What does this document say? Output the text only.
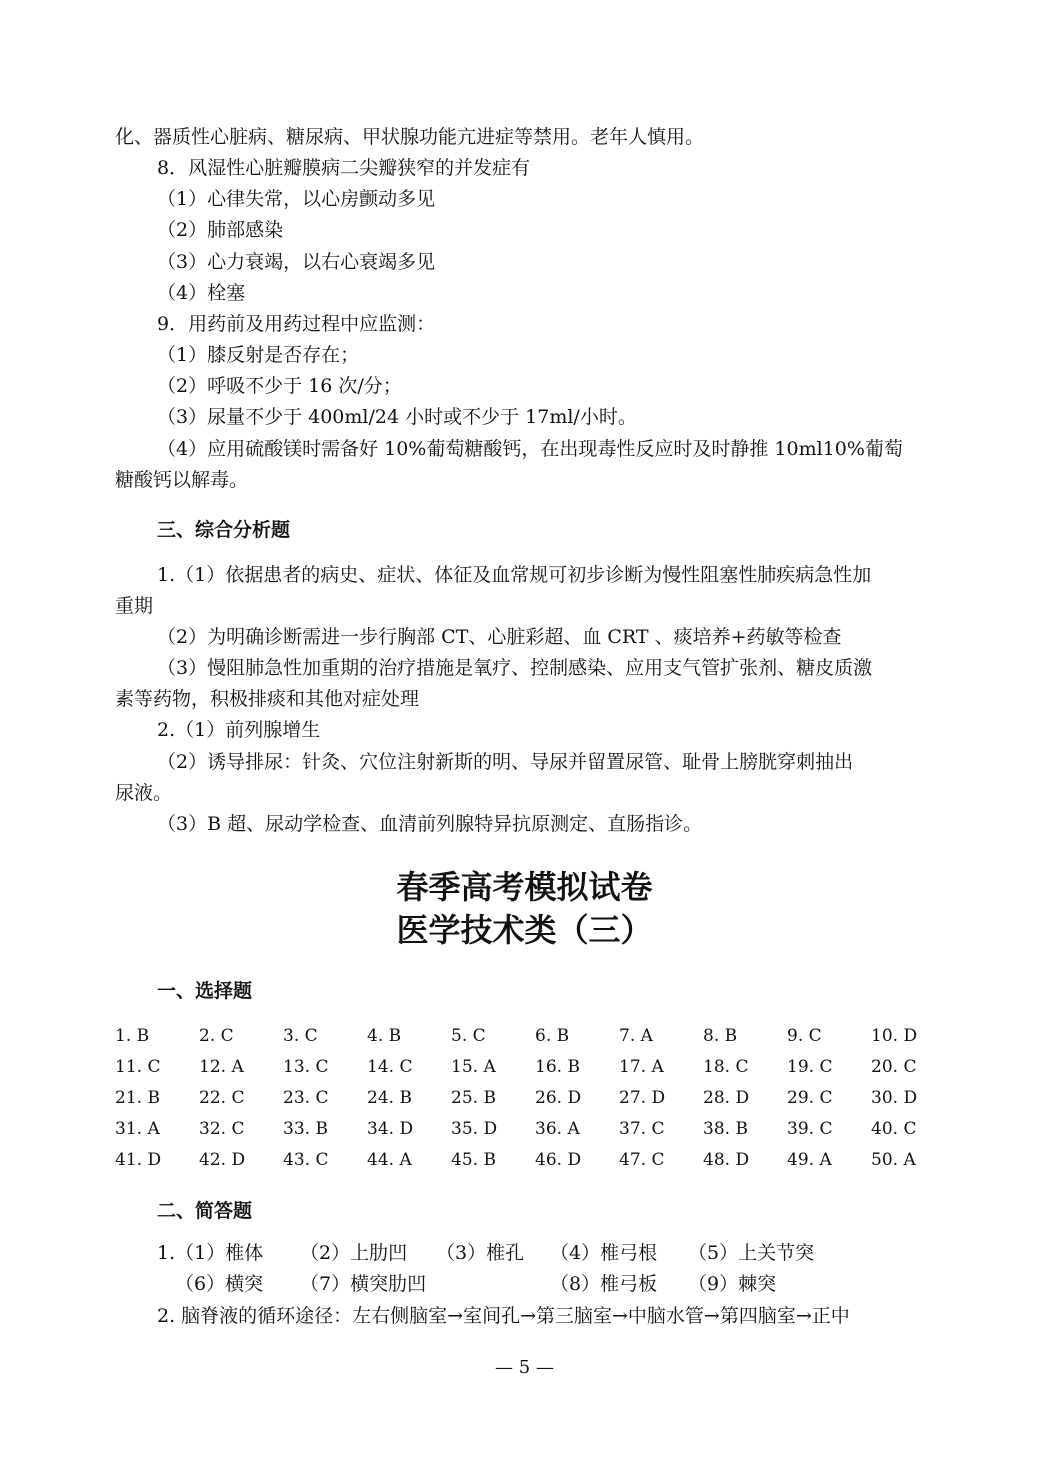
化、器质性心脏病、糖尿病、甲状腺功能亢进症等禁用。老年人慎用。
8．风湿性心脏瓣膜病二尖瓣狭窄的并发症有
（1）心律失常，以心房颤动多见
（2）肺部感染
（3）心力衰竭，以右心衰竭多见
（4）栓塞
9．用药前及用药过程中应监测：
（1）膝反射是否存在；
（2）呼吸不少于 16 次/分；
（3）尿量不少于 400ml/24 小时或不少于 17ml/小时。
（4）应用硫酸镁时需备好 10%葡萄糖酸钙，在出现毒性反应时及时静推 10ml10%葡萄
糖酸钙以解毒。
三、综合分析题
1.（1）依据患者的病史、症状、体征及血常规可初步诊断为慢性阻塞性肺疾病急性加
重期
（2）为明确诊断需进一步行胸部 CT、心脏彩超、血 CRT 、痰培养+药敏等检查
（3）慢阻肺急性加重期的治疗措施是氧疗、控制感染、应用支气管扩张剂、糖皮质激
素等药物，积极排痰和其他对症处理
2.（1）前列腺增生
（2）诱导排尿：针灸、穴位注射新斯的明、导尿并留置尿管、耻骨上膀胱穿刺抽出
尿液。
（3）B 超、尿动学检查、血清前列腺特异抗原测定、直肠指诊。
春季高考模拟试卷
医学技术类（三）
一、选择题
1. B	2. C	3. C	4. B	5. C	6. B	7. A	8. B	9. C	10. D
11. C 12. A 13. C 14. C 15. A 16. B 17. A 18. C 19. C 20. C
21. B 22. C 23. C 24. B 25. B 26. D 27. D 28. D 29. C 30. D
31. A 32. C 33. B 34. D 35. D 36. A 37. C 38. B 39. C 40. C
41. D 42. D 43. C 44. A 45. B 46. D 47. C 48. D 49. A 50. A
二、简答题
1.（1）椎体 （2）上肋凹 （3）椎孔 （4）椎弓根 （5）上关节突
（6）横突 （7）横突肋凹	（8）椎弓板 （9）棘突
2. 脑脊液的循环途径：左右侧脑室→室间孔→第三脑室→中脑水管→第四脑室→正中
— 5 —
